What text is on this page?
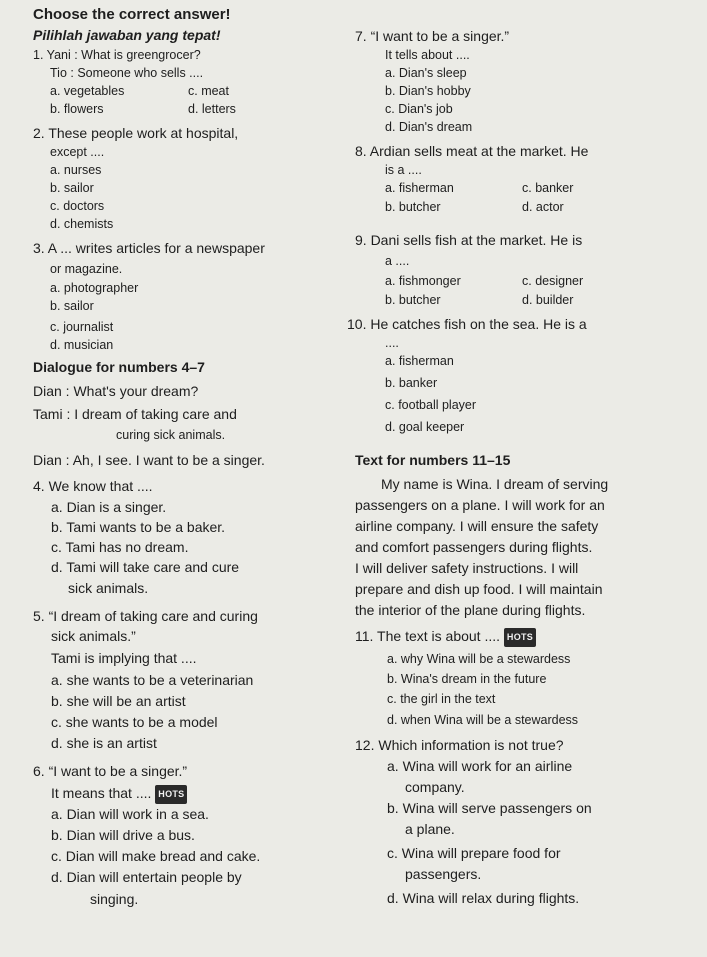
Choose the correct answer!
Pilihlah jawaban yang tepat!
1. Yani : What is greengrocer?
Tio : Someone who sells ....
a. vegetables	c. meat
b. flowers	d. letters
2. These people work at hospital,
except ....
a. nurses
b. sailor
c. doctors
d. chemists
3. A ... writes articles for a newspaper
or magazine.
a. photographer
b. sailor
c. journalist
d. musician
Dialogue for numbers 4–7
Dian : What's your dream?
Tami : I dream of taking care and
curing sick animals.
Dian : Ah, I see. I want to be a singer.
4. We know that ....
a. Dian is a singer.
b. Tami wants to be a baker.
c. Tami has no dream.
d. Tami will take care and cure
sick animals.
5. “I dream of taking care and curing
sick animals.”
Tami is implying that ....
a. she wants to be a veterinarian
b. she will be an artist
c. she wants to be a model
d. she is an artist
6. “I want to be a singer.”
It means that .... HOTS
a. Dian will work in a sea.
b. Dian will drive a bus.
c. Dian will make bread and cake.
d. Dian will entertain people by
singing.
7. “I want to be a singer.”
It tells about ....
a. Dian's sleep
b. Dian's hobby
c. Dian's job
d. Dian's dream
8. Ardian sells meat at the market. He
is a ....
a. fisherman	c. banker
b. butcher	d. actor
9. Dani sells fish at the market. He is
a ....
a. fishmonger	c. designer
b. butcher	d. builder
10. He catches fish on the sea. He is a
....
a. fisherman
b. banker
c. football player
d. goal keeper
Text for numbers 11–15
My name is Wina. I dream of serving
passengers on a plane. I will work for an
airline company. I will ensure the safety
and comfort passengers during flights.
I will deliver safety instructions. I will
prepare and dish up food. I will maintain
the interior of the plane during flights.
11. The text is about .... HOTS
a. why Wina will be a stewardess
b. Wina's dream in the future
c. the girl in the text
d. when Wina will be a stewardess
12. Which information is not true?
a. Wina will work for an airline
company.
b. Wina will serve passengers on
a plane.
c. Wina will prepare food for
passengers.
d. Wina will relax during flights.
